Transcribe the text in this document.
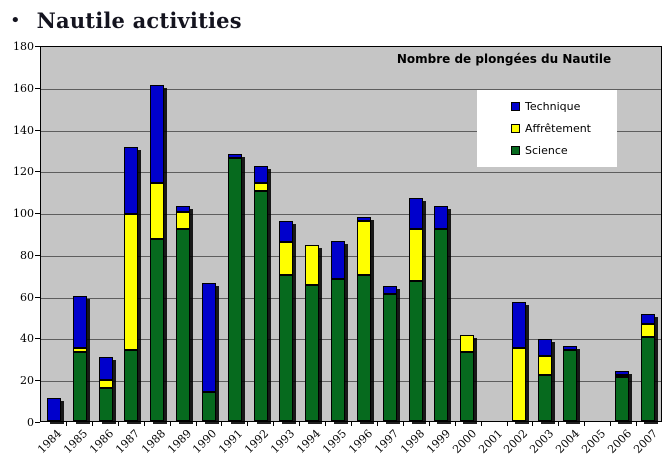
• Nautile activities
Nombre de plongées du Nautile
Technique
Affrêtement
Science
0
20
40
60
80
100
120
140
160
180
1984
1985
1986
1987
1988
1989
1990
1991
1992
1993
1994
1995
1996
1997
1998
1999
2000
2001
2002
2003
2004
2005
2006
2007
